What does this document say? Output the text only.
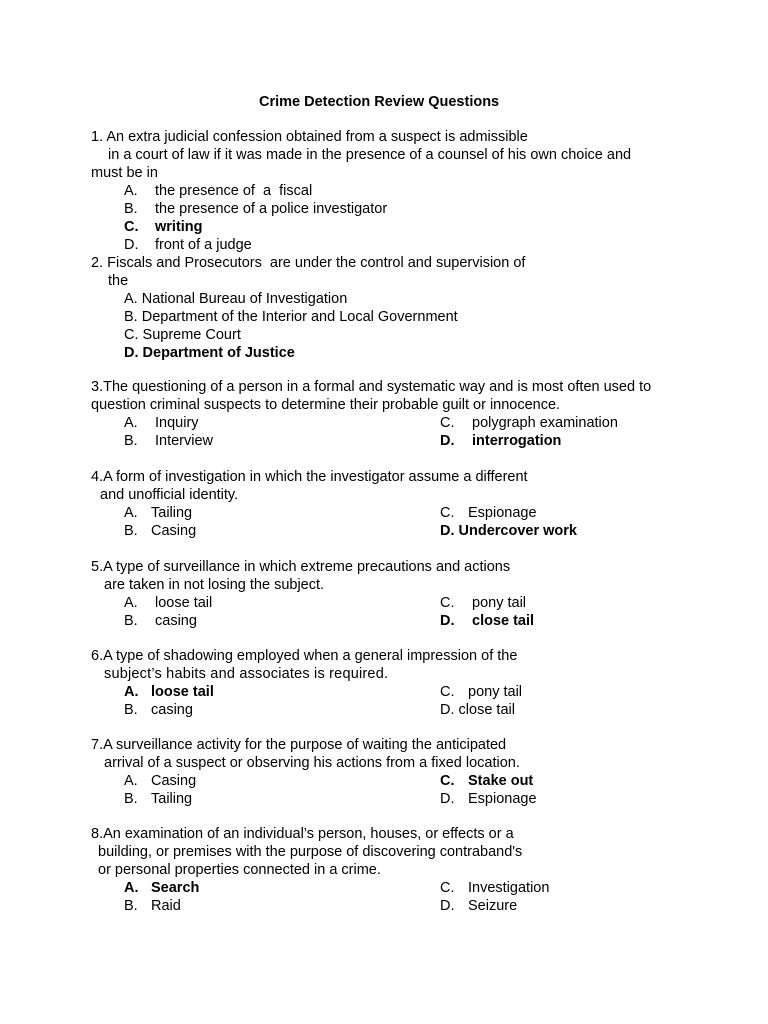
Crime Detection Review Questions
1. An extra judicial confession obtained from a suspect is admissible
in a court of law if it was made in the presence of a counsel of his own choice and
must be in
A. the presence of  a  fiscal
B. the presence of a police investigator
C. writing
D. front of a judge
2. Fiscals and Prosecutors  are under the control and supervision of
the
A. National Bureau of Investigation
B. Department of the Interior and Local Government
C. Supreme Court
D. Department of Justice
3.The questioning of a person in a formal and systematic way and is most often used to
question criminal suspects to determine their probable guilt or innocence.
A. Inquiry	C. polygraph examination
B. Interview	D. interrogation
4.A form of investigation in which the investigator assume a different
and unofficial identity.
A. Tailing	C. Espionage
B. Casing	D. Undercover work
5.A type of surveillance in which extreme precautions and actions
are taken in not losing the subject.
A. loose tail	C. pony tail
B. casing	D. close tail
6.A type of shadowing employed when a general impression of the
subject’s habits and associates is required.
A. loose tail	C. pony tail
B. casing	D. close tail
7.A surveillance activity for the purpose of waiting the anticipated
arrival of a suspect or observing his actions from a fixed location.
A. Casing	C. Stake out
B. Tailing	D. Espionage
8.An examination of an individual’s person, houses, or effects or a
building, or premises with the purpose of discovering contraband's
or personal properties connected in a crime.
A. Search	C. Investigation
B. Raid	D. Seizure
